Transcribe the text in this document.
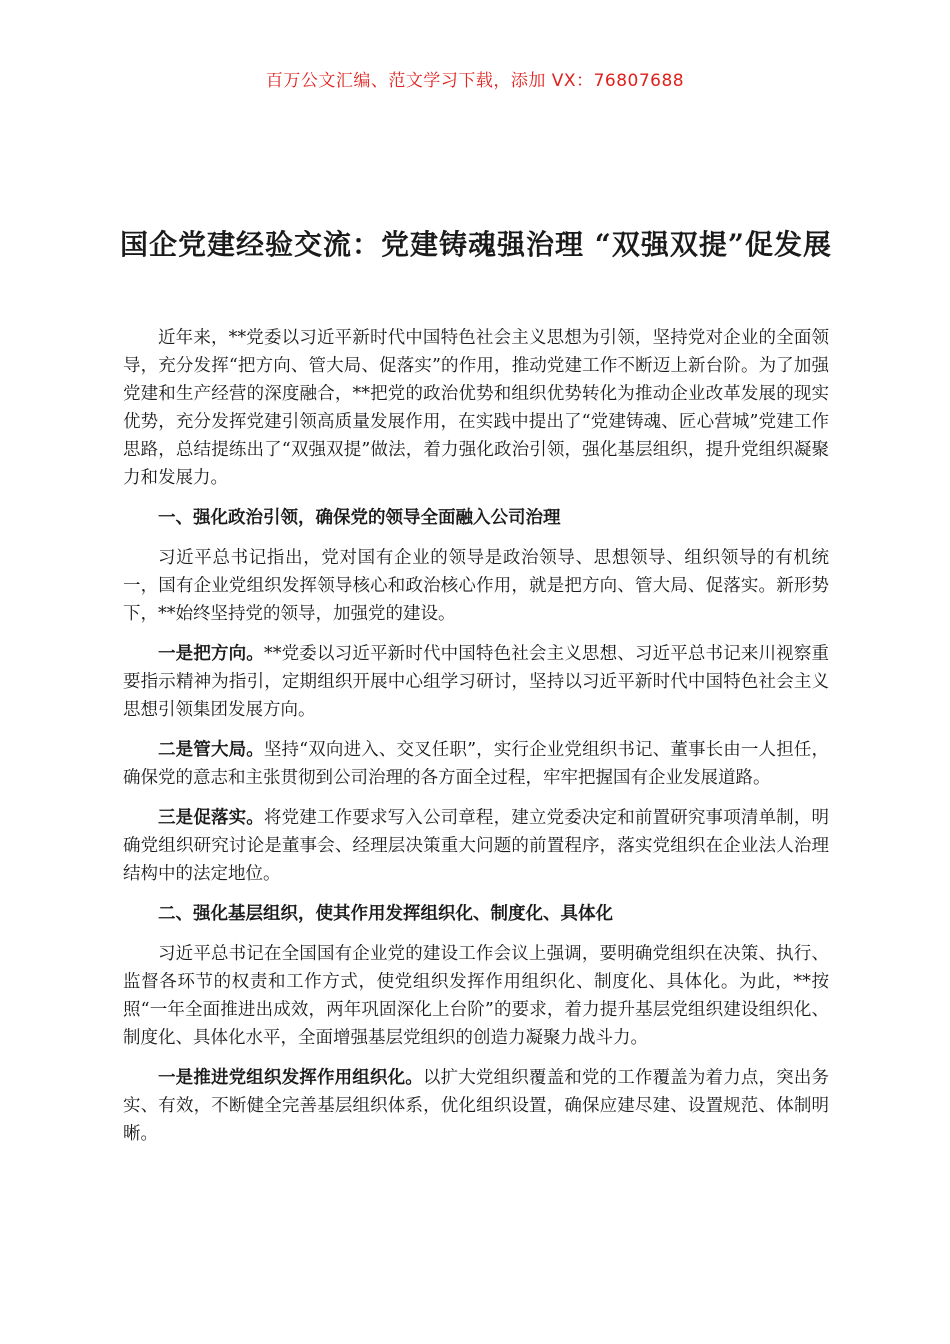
百万公文汇编、范文学习下载，添加 VX：76807688
国企党建经验交流：党建铸魂强治理 “双强双提”促发展

近年来，**党委以习近平新时代中国特色社会主义思想为引领，坚持党对企业的全面领导，充分发挥“把方向、管大局、促落实”的作用，推动党建工作不断迈上新台阶。为了加强党建和生产经营的深度融合，**把党的政治优势和组织优势转化为推动企业改革发展的现实优势，充分发挥党建引领高质量发展作用，在实践中提出了“党建铸魂、匠心营城”党建工作思路，总结提练出了“双强双提”做法，着力强化政治引领，强化基层组织，提升党组织凝聚力和发展力。

一、强化政治引领，确保党的领导全面融入公司治理

习近平总书记指出，党对国有企业的领导是政治领导、思想领导、组织领导的有机统一，国有企业党组织发挥领导核心和政治核心作用，就是把方向、管大局、促落实。新形势下，**始终坚持党的领导，加强党的建设。

一是把方向。**党委以习近平新时代中国特色社会主义思想、习近平总书记来川视察重要指示精神为指引，定期组织开展中心组学习研讨，坚持以习近平新时代中国特色社会主义思想引领集团发展方向。

二是管大局。坚持“双向进入、交叉任职”，实行企业党组织书记、董事长由一人担任，确保党的意志和主张贯彻到公司治理的各方面全过程，牢牢把握国有企业发展道路。

三是促落实。将党建工作要求写入公司章程，建立党委决定和前置研究事项清单制，明确党组织研究讨论是董事会、经理层决策重大问题的前置程序，落实党组织在企业法人治理结构中的法定地位。

二、强化基层组织，使其作用发挥组织化、制度化、具体化

习近平总书记在全国国有企业党的建设工作会议上强调，要明确党组织在决策、执行、监督各环节的权责和工作方式，使党组织发挥作用组织化、制度化、具体化。为此，**按照“一年全面推进出成效，两年巩固深化上台阶”的要求，着力提升基层党组织建设组织化、制度化、具体化水平，全面增强基层党组织的创造力凝聚力战斗力。

一是推进党组织发挥作用组织化。以扩大党组织覆盖和党的工作覆盖为着力点，突出务实、有效，不断健全完善基层组织体系，优化组织设置，确保应建尽建、设置规范、体制明晰。
